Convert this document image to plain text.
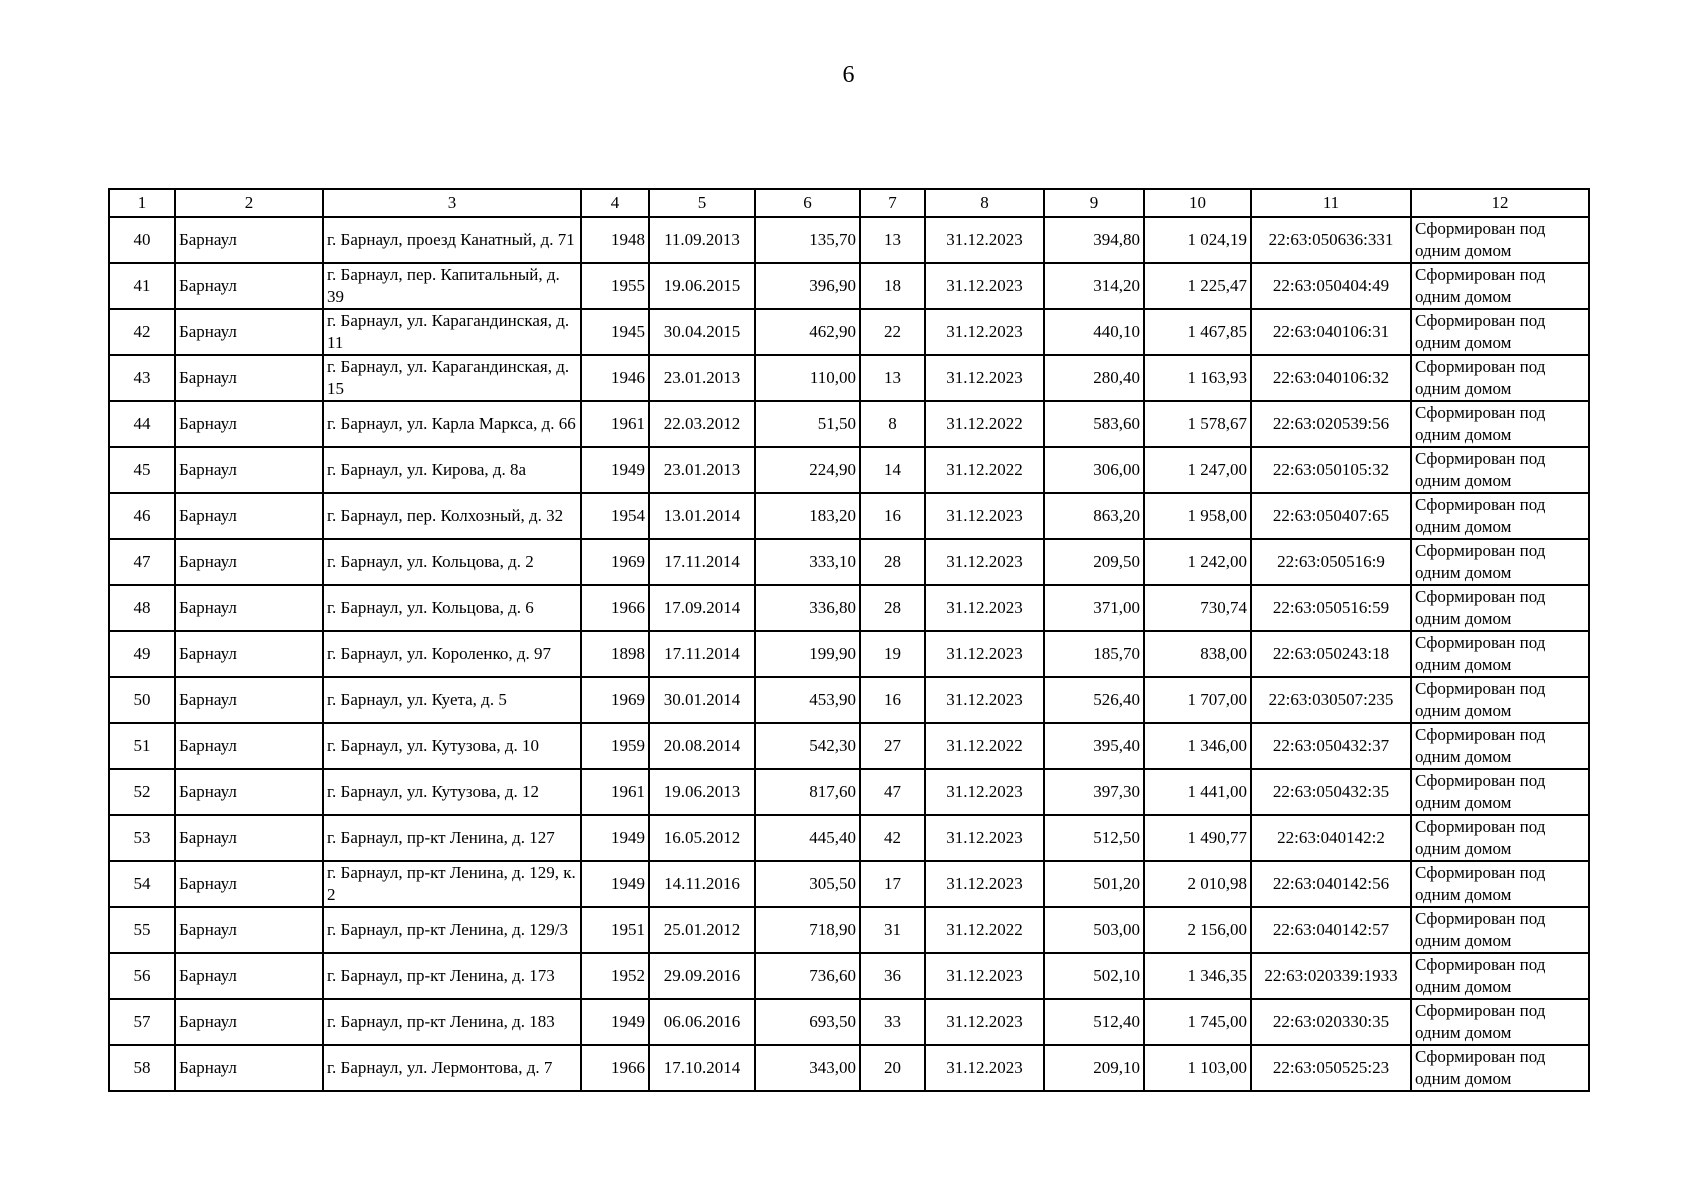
6
1	2	3	4	5	6	7	8	9	10	11	12
40	Барнаул	г. Барнаул, проезд Канатный, д. 71	1948	11.09.2013	135,70	13	31.12.2023	394,80	1 024,19	22:63:050636:331	Сформирован под одним домом
41	Барнаул	г. Барнаул, пер. Капитальный, д. 39	1955	19.06.2015	396,90	18	31.12.2023	314,20	1 225,47	22:63:050404:49	Сформирован под одним домом
42	Барнаул	г. Барнаул, ул. Карагандинская, д. 11	1945	30.04.2015	462,90	22	31.12.2023	440,10	1 467,85	22:63:040106:31	Сформирован под одним домом
43	Барнаул	г. Барнаул, ул. Карагандинская, д. 15	1946	23.01.2013	110,00	13	31.12.2023	280,40	1 163,93	22:63:040106:32	Сформирован под одним домом
44	Барнаул	г. Барнаул, ул. Карла Маркса, д. 66	1961	22.03.2012	51,50	8	31.12.2022	583,60	1 578,67	22:63:020539:56	Сформирован под одним домом
45	Барнаул	г. Барнаул, ул. Кирова, д. 8а	1949	23.01.2013	224,90	14	31.12.2022	306,00	1 247,00	22:63:050105:32	Сформирован под одним домом
46	Барнаул	г. Барнаул, пер. Колхозный, д. 32	1954	13.01.2014	183,20	16	31.12.2023	863,20	1 958,00	22:63:050407:65	Сформирован под одним домом
47	Барнаул	г. Барнаул, ул. Кольцова, д. 2	1969	17.11.2014	333,10	28	31.12.2023	209,50	1 242,00	22:63:050516:9	Сформирован под одним домом
48	Барнаул	г. Барнаул, ул. Кольцова, д. 6	1966	17.09.2014	336,80	28	31.12.2023	371,00	730,74	22:63:050516:59	Сформирован под одним домом
49	Барнаул	г. Барнаул, ул. Короленко, д. 97	1898	17.11.2014	199,90	19	31.12.2023	185,70	838,00	22:63:050243:18	Сформирован под одним домом
50	Барнаул	г. Барнаул, ул. Куета, д. 5	1969	30.01.2014	453,90	16	31.12.2023	526,40	1 707,00	22:63:030507:235	Сформирован под одним домом
51	Барнаул	г. Барнаул, ул. Кутузова, д. 10	1959	20.08.2014	542,30	27	31.12.2022	395,40	1 346,00	22:63:050432:37	Сформирован под одним домом
52	Барнаул	г. Барнаул, ул. Кутузова, д. 12	1961	19.06.2013	817,60	47	31.12.2023	397,30	1 441,00	22:63:050432:35	Сформирован под одним домом
53	Барнаул	г. Барнаул, пр-кт Ленина, д. 127	1949	16.05.2012	445,40	42	31.12.2023	512,50	1 490,77	22:63:040142:2	Сформирован под одним домом
54	Барнаул	г. Барнаул, пр-кт Ленина, д. 129, к. 2	1949	14.11.2016	305,50	17	31.12.2023	501,20	2 010,98	22:63:040142:56	Сформирован под одним домом
55	Барнаул	г. Барнаул, пр-кт Ленина, д. 129/3	1951	25.01.2012	718,90	31	31.12.2022	503,00	2 156,00	22:63:040142:57	Сформирован под одним домом
56	Барнаул	г. Барнаул, пр-кт Ленина, д. 173	1952	29.09.2016	736,60	36	31.12.2023	502,10	1 346,35	22:63:020339:1933	Сформирован под одним домом
57	Барнаул	г. Барнаул, пр-кт Ленина, д. 183	1949	06.06.2016	693,50	33	31.12.2023	512,40	1 745,00	22:63:020330:35	Сформирован под одним домом
58	Барнаул	г. Барнаул, ул. Лермонтова, д. 7	1966	17.10.2014	343,00	20	31.12.2023	209,10	1 103,00	22:63:050525:23	Сформирован под одним домом
